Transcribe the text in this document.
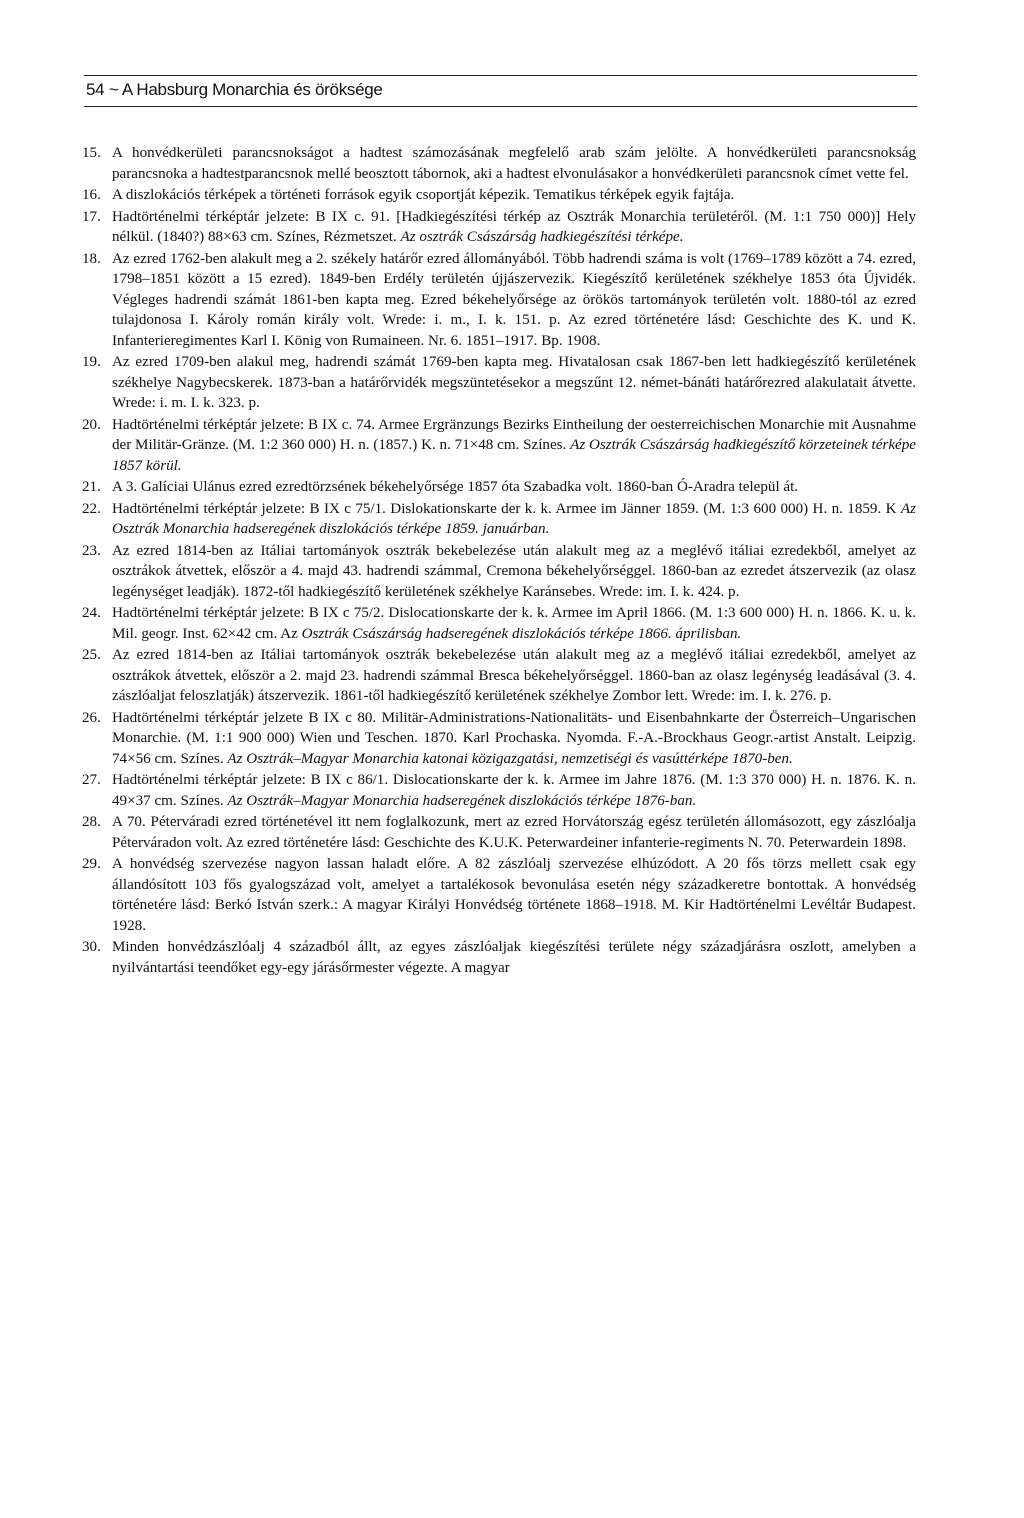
54 ~ A Habsburg Monarchia és öröksége
15. A honvédkerületi parancsnokságot a hadtest számozásának megfelelő arab szám jelölte. A honvédkerületi parancsnokság parancsnoka a hadtestparancsnok mellé beosztott tábornok, aki a hadtest elvonulásakor a honvédkerületi parancsnok címet vette fel.
16. A diszlokációs térképek a történeti források egyik csoportját képezik. Tematikus térképek egyik fajtája.
17. Hadtörténelmi térképtár jelzete: B IX c. 91. [Hadkiegészítési térkép az Osztrák Monarchia területéről. (M. 1:1 750 000)] Hely nélkül. (1840?) 88×63 cm. Színes, Rézmetszet. Az osztrák Császárság hadkiegészítési térképe.
18. Az ezred 1762-ben alakult meg a 2. székely határőr ezred állományából. Több hadrendi száma is volt (1769–1789 között a 74. ezred, 1798–1851 között a 15 ezred). 1849-ben Erdély területén újjászervezik. Kiegészítő kerületének székhelye 1853 óta Újvidék. Végleges hadrendi számát 1861-ben kapta meg. Ezred békehelyőrsége az örökös tartományok területén volt. 1880-tól az ezred tulajdonosa I. Károly román király volt. Wrede: i. m., I. k. 151. p. Az ezred történetére lásd: Geschichte des K. und K. Infanterieregimentes Karl I. König von Rumaineen. Nr. 6. 1851–1917. Bp. 1908.
19. Az ezred 1709-ben alakul meg, hadrendi számát 1769-ben kapta meg. Hivatalosan csak 1867-ben lett hadkiegészítő kerületének székhelye Nagybecskerek. 1873-ban a határőrvidék megszüntetésekor a megszűnt 12. német-bánáti határőrezred alakulatait átvette. Wrede: i. m. I. k. 323. p.
20. Hadtörténelmi térképtár jelzete: B IX c. 74. Armee Ergränzungs Bezirks Eintheilung der oesterreichischen Monarchie mit Ausnahme der Militär-Gränze. (M. 1:2 360 000) H. n. (1857.) K. n. 71×48 cm. Színes. Az Osztrák Császárság hadkiegészítő körzeteinek térképe 1857 körül.
21. A 3. Galíciai Ulánus ezred ezredtörzsének békehelyőrsége 1857 óta Szabadka volt. 1860-ban Ó-Aradra települ át.
22. Hadtörténelmi térképtár jelzete: B IX c 75/1. Dislokationskarte der k. k. Armee im Jänner 1859. (M. 1:3 600 000) H. n. 1859. K Az Osztrák Monarchia hadseregének diszlokációs térképe 1859. januárban.
23. Az ezred 1814-ben az Itáliai tartományok osztrák bekebelezése után alakult meg az a meglévő itáliai ezredekből, amelyet az osztrákok átvettek, először a 4. majd 43. hadrendi számmal, Cremona békehelyőrséggel. 1860-ban az ezredet átszervezik (az olasz legénységet leadják). 1872-től hadkiegészítő kerületének székhelye Karánsebes. Wrede: im. I. k. 424. p.
24. Hadtörténelmi térképtár jelzete: B IX c 75/2. Dislocationskarte der k. k. Armee im April 1866. (M. 1:3 600 000) H. n. 1866. K. u. k. Mil. geogr. Inst. 62×42 cm. Az Osztrák Császárság hadseregének diszlokációs térképe 1866. áprilisban.
25. Az ezred 1814-ben az Itáliai tartományok osztrák bekebelezése után alakult meg az a meglévő itáliai ezredekből, amelyet az osztrákok átvettek, először a 2. majd 23. hadrendi számmal Bresca békehelyőrséggel. 1860-ban az olasz legénység leadásával (3. 4. zászlóaljat feloszlatják) átszervezik. 1861-től hadkiegészítő kerületének székhelye Zombor lett. Wrede: im. I. k. 276. p.
26. Hadtörténelmi térképtár jelzete B IX c 80. Militär-Administrations-Nationalitäts- und Eisenbahnkarte der Österreich–Ungarischen Monarchie. (M. 1:1 900 000) Wien und Teschen. 1870. Karl Prochaska. Nyomda. F.-A.-Brockhaus Geogr.-artist Anstalt. Leipzig. 74×56 cm. Színes. Az Osztrák–Magyar Monarchia katonai közigazgatási, nemzetiségi és vasúttérképe 1870-ben.
27. Hadtörténelmi térképtár jelzete: B IX c 86/1. Dislocationskarte der k. k. Armee im Jahre 1876. (M. 1:3 370 000) H. n. 1876. K. n. 49×37 cm. Színes. Az Osztrák–Magyar Monarchia hadseregének diszlokációs térképe 1876-ban.
28. A 70. Péterváradi ezred történetével itt nem foglalkozunk, mert az ezred Horvátország egész területén állomásozott, egy zászlóalja Péterváradon volt. Az ezred történetére lásd: Geschichte des K.U.K. Peterwardeiner infanterie-regiments N. 70. Peterwardein 1898.
29. A honvédség szervezése nagyon lassan haladt előre. A 82 zászlóalj szervezése elhúzódott. A 20 fős törzs mellett csak egy állandósított 103 fős gyalogszázad volt, amelyet a tartalékosok bevonulása esetén négy századkeretre bontottak. A honvédség történetére lásd: Berkó István szerk.: A magyar Királyi Honvédség története 1868–1918. M. Kir Hadtörténelmi Levéltár Budapest. 1928.
30. Minden honvédzászlóalj 4 századból állt, az egyes zászlóaljak kiegészítési területe négy századjárásra oszlott, amelyben a nyilvántartási teendőket egy-egy járásőrmester végezte. A magyar
